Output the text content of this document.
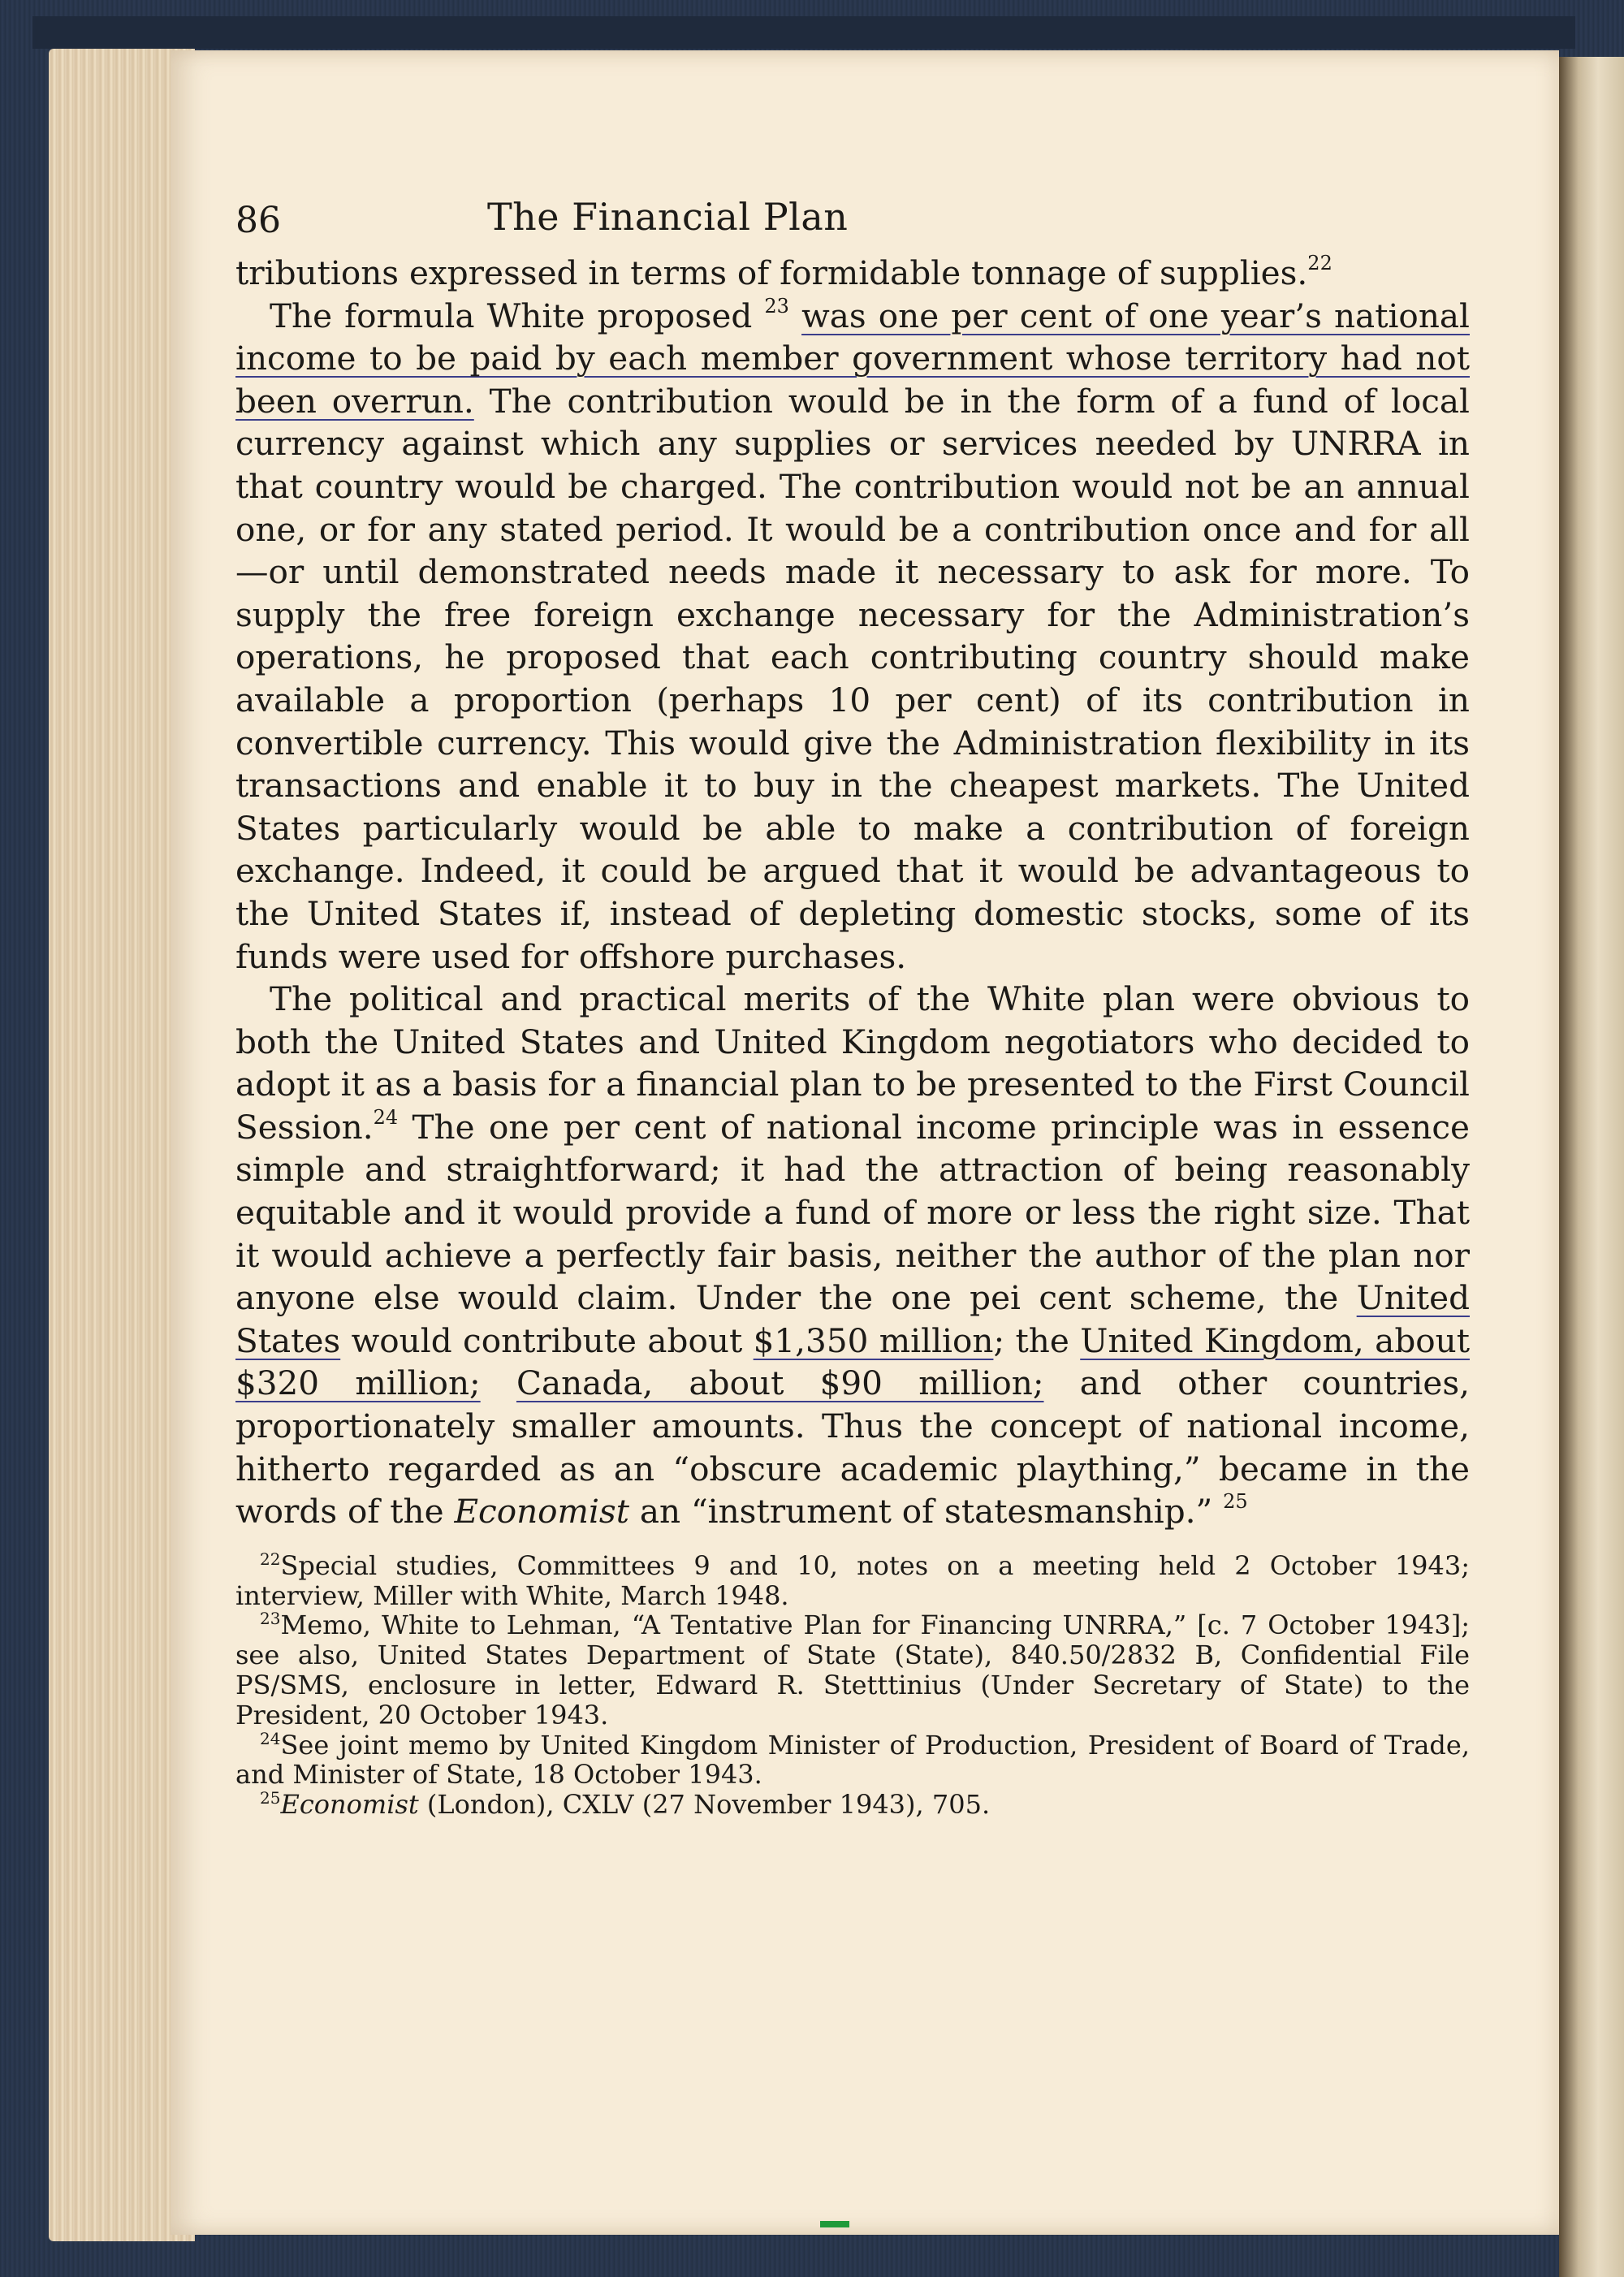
86	The Financial Plan

tributions expressed in terms of formidable tonnage of supplies.$^{22}$

The formula White proposed $^{23}$ was one per cent of one year’s national income to be paid by each member government whose territory had not been overrun. The contribution would be in the form of a fund of local currency against which any supplies or services needed by UNRRA in that country would be charged. The contribution would not be an annual one, or for any stated period. It would be a contribution once and for all—or until demonstrated needs made it necessary to ask for more. To supply the free foreign exchange necessary for the Administration’s operations, he proposed that each contributing country should make available a proportion (perhaps 10 per cent) of its contribution in convertible currency. This would give the Administration flexibility in its transactions and enable it to buy in the cheapest markets. The United States particularly would be able to make a contribution of foreign exchange. Indeed, it could be argued that it would be advantageous to the United States if, instead of depleting domestic stocks, some of its funds were used for offshore purchases.

The political and practical merits of the White plan were obvious to both the United States and United Kingdom negotiators who decided to adopt it as a basis for a financial plan to be presented to the First Council Session.$^{24}$ The one per cent of national income principle was in essence simple and straightforward; it had the attraction of being reasonably equitable and it would provide a fund of more or less the right size. That it would achieve a perfectly fair basis, neither the author of the plan nor anyone else would claim. Under the one pei cent scheme, the United States would contribute about $1,350 million; the United Kingdom, about $320 million; Canada, about $90 million; and other countries, proportionately smaller amounts. Thus the concept of national income, hitherto regarded as an “obscure academic plaything,” became in the words of the Economist an “instrument of statesmanship.” $^{25}$

$^{22}$Special studies, Committees 9 and 10, notes on a meeting held 2 October 1943; interview, Miller with White, March 1948.

$^{23}$Memo, White to Lehman, “A Tentative Plan for Financing UNRRA,” [c. 7 October 1943]; see also, United States Department of State (State), 840.50/2832 B, Confidential File PS/SMS, enclosure in letter, Edward R. Stetttinius (Under Secretary of State) to the President, 20 October 1943.

$^{24}$See joint memo by United Kingdom Minister of Production, President of Board of Trade, and Minister of State, 18 October 1943.

$^{25}$Economist (London), CXLV (27 November 1943), 705.
